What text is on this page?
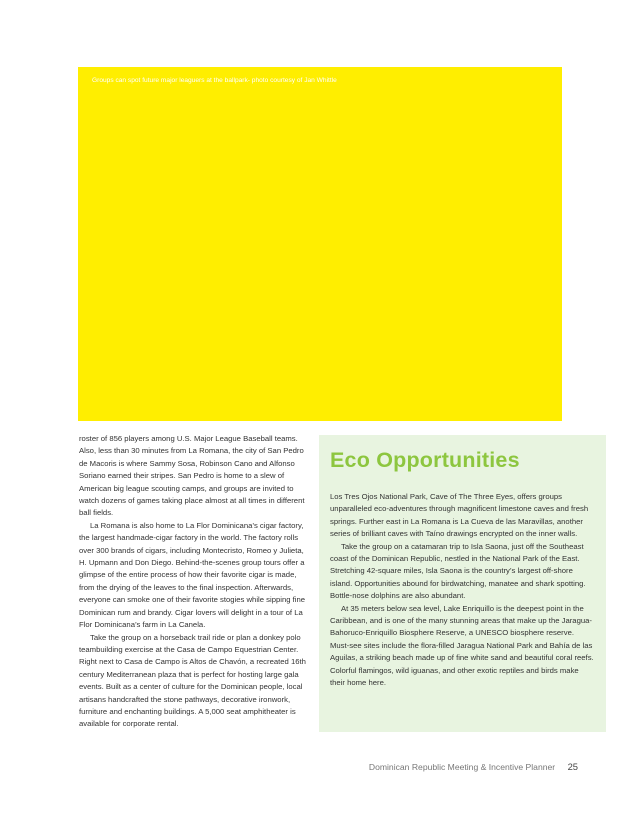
Groups can spot future major leaguers at the ballpark- photo courtesy of Jan Whittle

roster of 856 players among U.S. Major League Baseball teams. Also, less than 30 minutes from La Romana, the city of San Pedro de Macoris is where Sammy Sosa, Robinson Cano and Alfonso Soriano earned their stripes. San Pedro is home to a slew of American big league scouting camps, and groups are invited to watch dozens of games taking place almost at all times in different ball fields.

La Romana is also home to La Flor Dominicana’s cigar factory, the largest handmade-cigar factory in the world. The factory rolls over 300 brands of cigars, including Montecristo, Romeo y Julieta, H. Upmann and Don Diego. Behind-the-scenes group tours offer a glimpse of the entire process of how their favorite cigar is made, from the drying of the leaves to the final inspection. Afterwards, everyone can smoke one of their favorite stogies while sipping fine Dominican rum and brandy. Cigar lovers will delight in a tour of La Flor Dominicana’s farm in La Canela.

Take the group on a horseback trail ride or plan a donkey polo teambuilding exercise at the Casa de Campo Equestrian Center. Right next to Casa de Campo is Altos de Chavón, a recreated 16th century Mediterranean plaza that is perfect for hosting large gala events. Built as a center of culture for the Dominican people, local artisans handcrafted the stone pathways, decorative ironwork, furniture and enchanting buildings. A 5,000 seat amphitheater is available for corporate rental.

Eco Opportunities

Los Tres Ojos National Park, Cave of The Three Eyes, offers groups unparalleled eco-adventures through magnificent limestone caves and fresh springs. Further east in La Romana is La Cueva de las Maravillas, another series of brilliant caves with Taíno drawings encrypted on the inner walls.

Take the group on a catamaran trip to Isla Saona, just off the Southeast coast of the Dominican Republic, nestled in the National Park of the East. Stretching 42-square miles, Isla Saona is the country’s largest off-shore island. Opportunities abound for birdwatching, manatee and shark spotting. Bottle-nose dolphins are also abundant.

At 35 meters below sea level, Lake Enriquillo is the deepest point in the Caribbean, and is one of the many stunning areas that make up the Jaragua-Bahoruco-Enriquillo Biosphere Reserve, a UNESCO biosphere reserve. Must-see sites include the flora-filled Jaragua National Park and Bahía de las Aguilas, a striking beach made up of fine white sand and beautiful coral reefs. Colorful flamingos, wild iguanas, and other exotic reptiles and birds make their home here.

Dominican Republic Meeting & Incentive Planner 25
